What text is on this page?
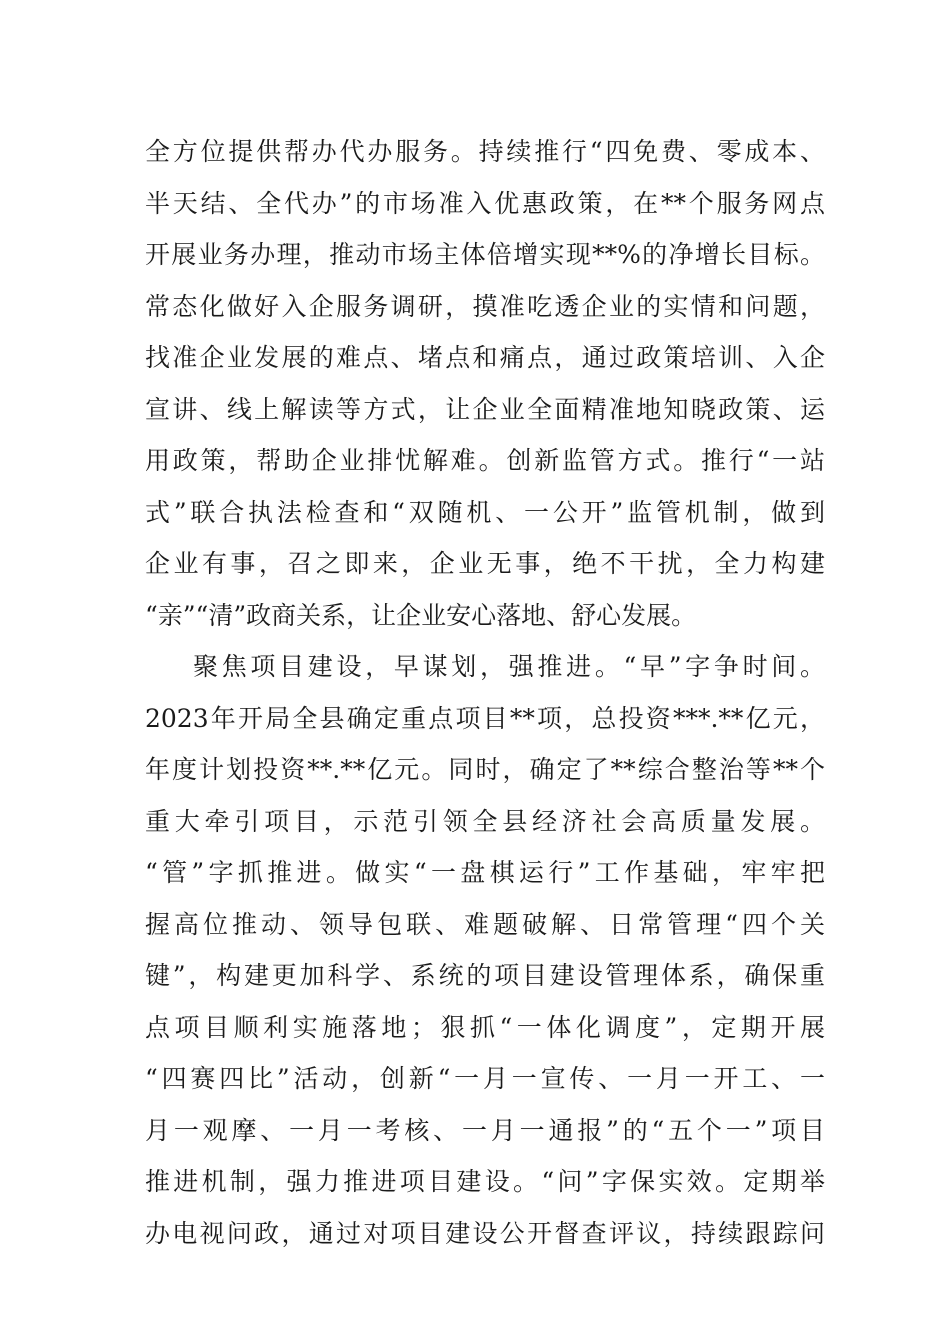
全方位提供帮办代办服务。持续推行“四免费、零成本、
半天结、全代办”的市场准入优惠政策，在**个服务网点
开展业务办理，推动市场主体倍增实现**%的净增长目标。
常态化做好入企服务调研，摸准吃透企业的实情和问题，
找准企业发展的难点、堵点和痛点，通过政策培训、入企
宣讲、线上解读等方式，让企业全面精准地知晓政策、运
用政策，帮助企业排忧解难。创新监管方式。推行“一站
式”联合执法检查和“双随机、一公开”监管机制，做到
企业有事，召之即来，企业无事，绝不干扰，全力构建
“亲”“清”政商关系，让企业安心落地、舒心发展。
聚焦项目建设，早谋划，强推进。“早”字争时间。
2023年开局全县确定重点项目**项，总投资***.**亿元，
年度计划投资**.**亿元。同时，确定了**综合整治等**个
重大牵引项目，示范引领全县经济社会高质量发展。
“管”字抓推进。做实“一盘棋运行”工作基础，牢牢把
握高位推动、领导包联、难题破解、日常管理“四个关
键”，构建更加科学、系统的项目建设管理体系，确保重
点项目顺利实施落地；狠抓“一体化调度”，定期开展
“四赛四比”活动，创新“一月一宣传、一月一开工、一
月一观摩、一月一考核、一月一通报”的“五个一”项目
推进机制，强力推进项目建设。“问”字保实效。定期举
办电视问政，通过对项目建设公开督查评议，持续跟踪问
